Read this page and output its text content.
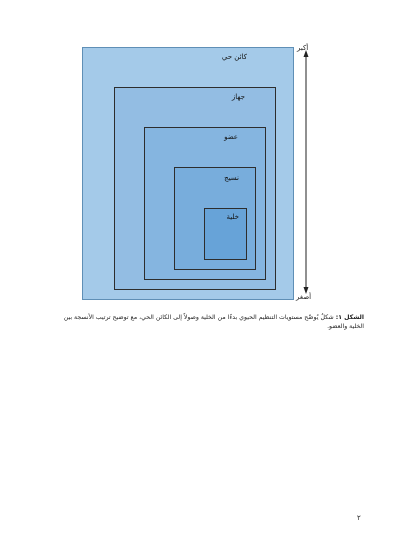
كائن حي
جهاز
عضو
نسيج
خلية
أكبر
أصغر
الشكل ١: شكلٌ يُوضّح مستويات التنظيم الحيوي بدءًا من الخلية وصولاً إلى الكائن الحي، مع توضيح ترتيب الأنسجة بين الخلية والعضو.
٢
